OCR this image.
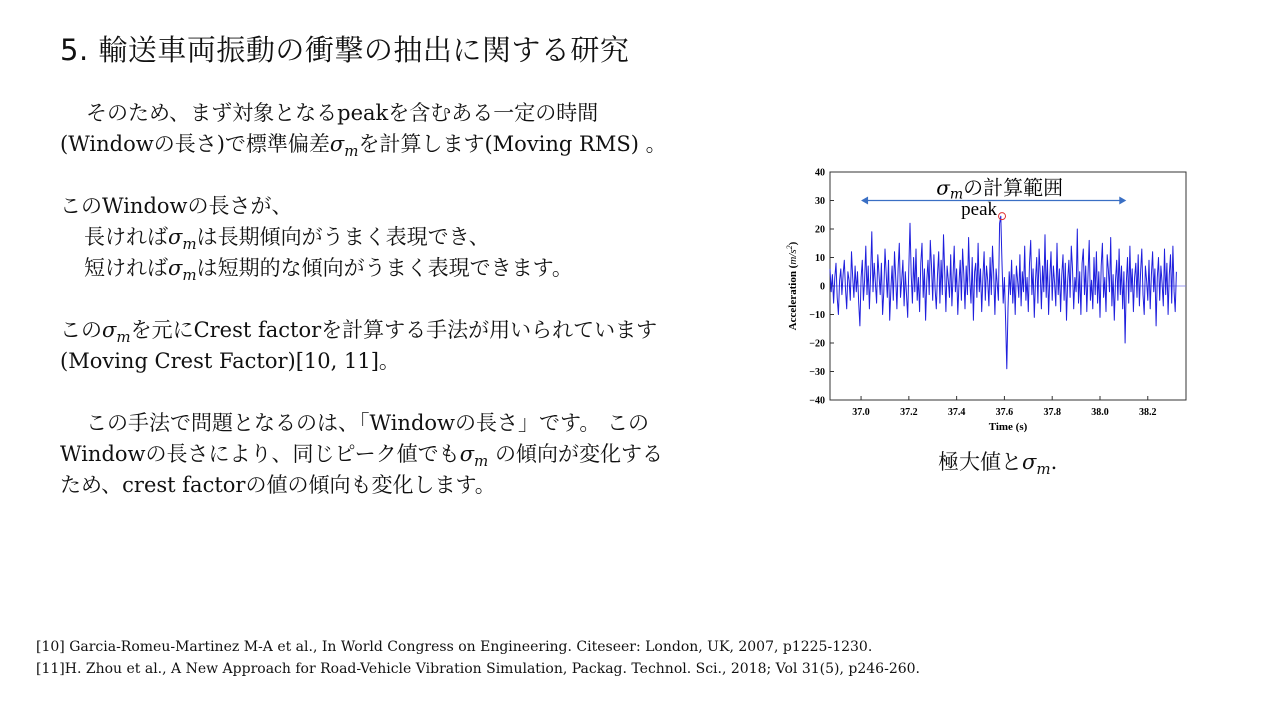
5. 輸送車両振動の衝撃の抽出に関する研究
そのため、まず対象となるpeakを含むある一定の時間
(Windowの長さ)で標準偏差$\sigma_m$を計算します(Moving RMS) 。
このWindowの長さが、
長ければ$\sigma_m$は長期傾向がうまく表現でき、
短ければ$\sigma_m$は短期的な傾向がうまく表現できます。
この$\sigma_m$を元にCrest factorを計算する手法が用いられています
(Moving Crest Factor)[10, 11]。
この手法で問題となるのは、「Windowの長さ」です。 この
Windowの長さにより、同じピーク値でも$\sigma_m$ の傾向が変化する
ため、crest factorの値の傾向も変化します。
−40
−30
−20
−10
0
10
20
30
40
37.0	37.2	37.4	37.6	37.8	38.0	38.2
Time (s)
Acceleration $(m/s^2)$
$\sigma_m$の計算範囲
peak
極大値と$\sigma_m$.
[10] Garcia-Romeu-Martinez M-A et al., In World Congress on Engineering. Citeseer: London, UK, 2007, p1225-1230.
[11]H. Zhou et al., A New Approach for Road-Vehicle Vibration Simulation, Packag. Technol. Sci., 2018; Vol 31(5), p246-260.
